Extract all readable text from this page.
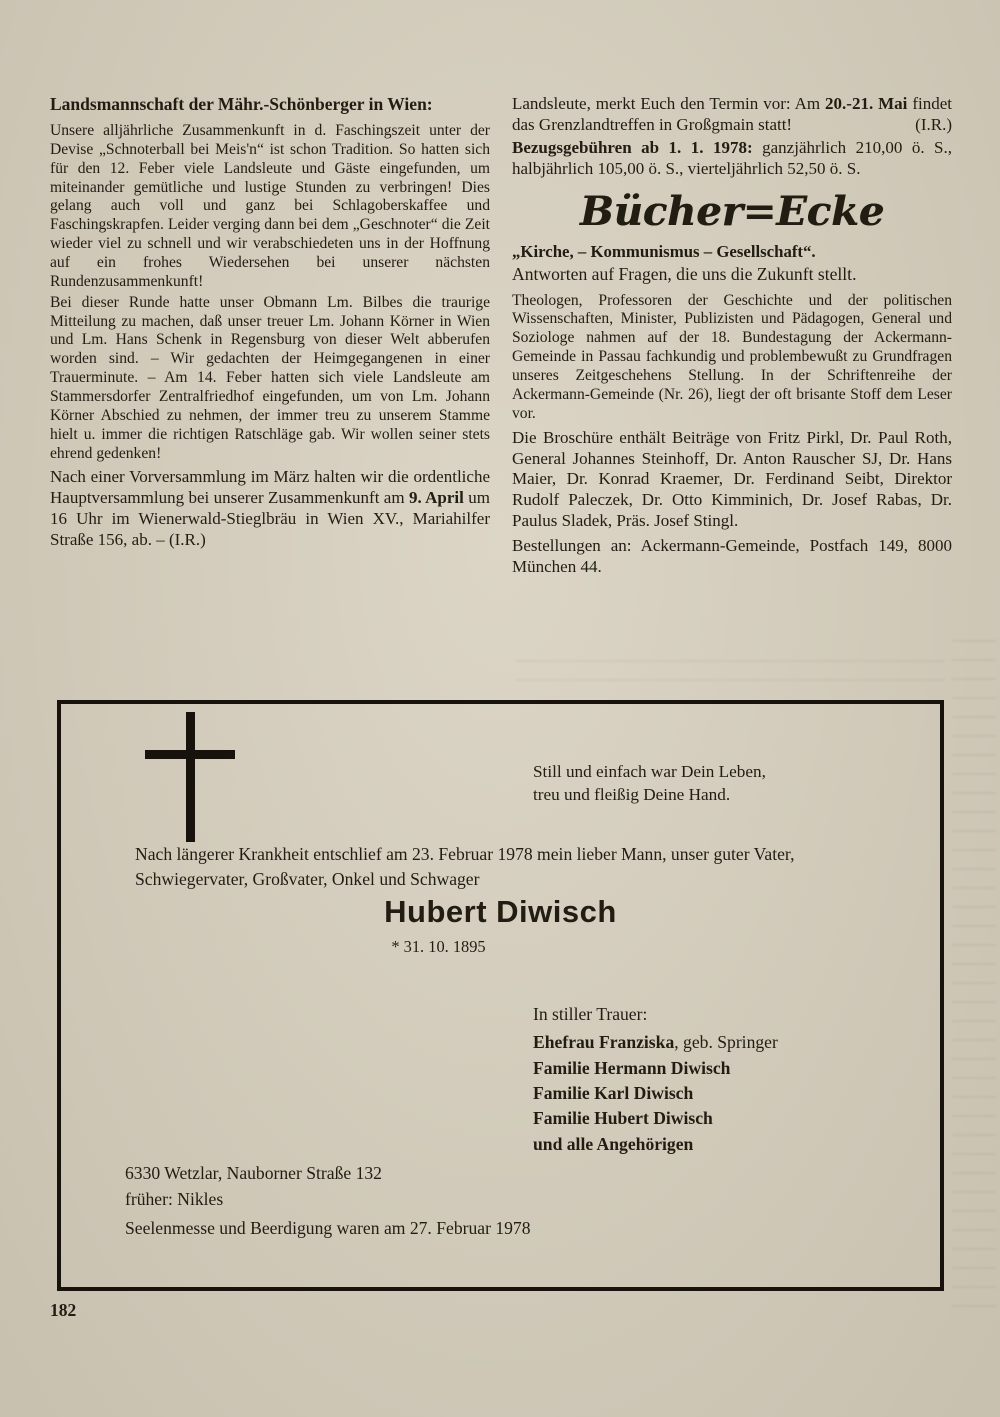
Landsmannschaft der Mähr.-Schönberger in Wien:

Unsere alljährliche Zusammenkunft in d. Faschingszeit unter der Devise „Schnoterball bei Meis'n“ ist schon Tradition. So hatten sich für den 12. Feber viele Landsleute und Gäste eingefunden, um miteinander gemütliche und lustige Stunden zu verbringen! Dies gelang auch voll und ganz bei Schlagoberskaffee und Faschingskrapfen. Leider verging dann bei dem „Geschnoter“ die Zeit wieder viel zu schnell und wir verabschiedeten uns in der Hoffnung auf ein frohes Wiedersehen bei unserer nächsten Rundenzusammenkunft!

Bei dieser Runde hatte unser Obmann Lm. Bilbes die traurige Mitteilung zu machen, daß unser treuer Lm. Johann Körner in Wien und Lm. Hans Schenk in Regensburg von dieser Welt abberufen worden sind. – Wir gedachten der Heimgegangenen in einer Trauerminute. – Am 14. Feber hatten sich viele Landsleute am Stammersdorfer Zentralfriedhof eingefunden, um von Lm. Johann Körner Abschied zu nehmen, der immer treu zu unserem Stamme hielt u. immer die richtigen Ratschläge gab. Wir wollen seiner stets ehrend gedenken!

Nach einer Vorversammlung im März halten wir die ordentliche Hauptversammlung bei unserer Zusammenkunft am 9. April um 16 Uhr im Wienerwald-Stieglbräu in Wien XV., Mariahilfer Straße 156, ab. – (I.R.)

Landsleute, merkt Euch den Termin vor: Am 20.-21. Mai findet das Grenzlandtreffen in Großgmain statt!	(I.R.)

Bezugsgebühren ab 1. 1. 1978: ganzjährlich 210,00 ö. S., halbjährlich 105,00 ö. S., vierteljährlich 52,50 ö. S.

Bücher=Ecke

„Kirche, – Kommunismus – Gesellschaft“.

Antworten auf Fragen, die uns die Zukunft stellt.

Theologen, Professoren der Geschichte und der politischen Wissenschaften, Minister, Publizisten und Pädagogen, General und Soziologe nahmen auf der 18. Bundestagung der Ackermann-Gemeinde in Passau fachkundig und problembewußt zu Grundfragen unseres Zeitgeschehens Stellung. In der Schriftenreihe der Ackermann-Gemeinde (Nr. 26), liegt der oft brisante Stoff dem Leser vor.

Die Broschüre enthält Beiträge von Fritz Pirkl, Dr. Paul Roth, General Johannes Steinhoff, Dr. Anton Rauscher SJ, Dr. Hans Maier, Dr. Konrad Kraemer, Dr. Ferdinand Seibt, Direktor Rudolf Paleczek, Dr. Otto Kimminich, Dr. Josef Rabas, Dr. Paulus Sladek, Präs. Josef Stingl.

Bestellungen an: Ackermann-Gemeinde, Postfach 149, 8000 München 44.

Still und einfach war Dein Leben,
treu und fleißig Deine Hand.

Nach längerer Krankheit entschlief am 23. Februar 1978 mein lieber Mann, unser guter Vater, Schwiegervater, Großvater, Onkel und Schwager

Hubert Diwisch
* 31. 10. 1895
In stiller Trauer:
Ehefrau Franziska, geb. Springer
Familie Hermann Diwisch
Familie Karl Diwisch
Familie Hubert Diwisch
und alle Angehörigen
6330 Wetzlar, Nauborner Straße 132
früher: Nikles
Seelenmesse und Beerdigung waren am 27. Februar 1978
182
